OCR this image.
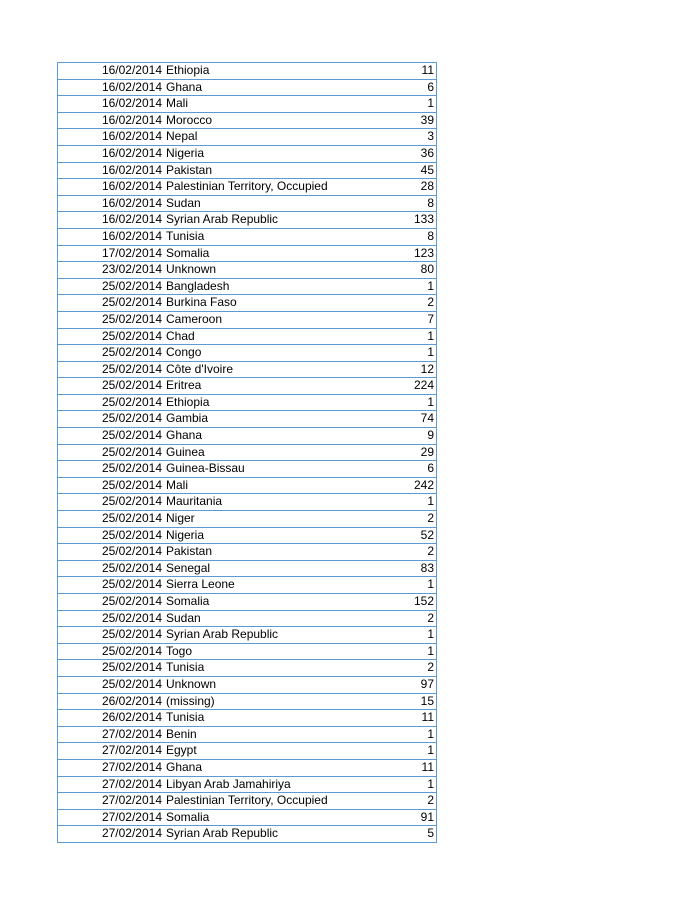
	16/02/2014	Ethiopia	11
	16/02/2014	Ghana	6
	16/02/2014	Mali	1
	16/02/2014	Morocco	39
	16/02/2014	Nepal	3
	16/02/2014	Nigeria	36
	16/02/2014	Pakistan	45
	16/02/2014	Palestinian Territory, Occupied	28
	16/02/2014	Sudan	8
	16/02/2014	Syrian Arab Republic	133
	16/02/2014	Tunisia	8
	17/02/2014	Somalia	123
	23/02/2014	Unknown	80
	25/02/2014	Bangladesh	1
	25/02/2014	Burkina Faso	2
	25/02/2014	Cameroon	7
	25/02/2014	Chad	1
	25/02/2014	Congo	1
	25/02/2014	Côte d'Ivoire	12
	25/02/2014	Eritrea	224
	25/02/2014	Ethiopia	1
	25/02/2014	Gambia	74
	25/02/2014	Ghana	9
	25/02/2014	Guinea	29
	25/02/2014	Guinea-Bissau	6
	25/02/2014	Mali	242
	25/02/2014	Mauritania	1
	25/02/2014	Niger	2
	25/02/2014	Nigeria	52
	25/02/2014	Pakistan	2
	25/02/2014	Senegal	83
	25/02/2014	Sierra Leone	1
	25/02/2014	Somalia	152
	25/02/2014	Sudan	2
	25/02/2014	Syrian Arab Republic	1
	25/02/2014	Togo	1
	25/02/2014	Tunisia	2
	25/02/2014	Unknown	97
	26/02/2014	(missing)	15
	26/02/2014	Tunisia	11
	27/02/2014	Benin	1
	27/02/2014	Egypt	1
	27/02/2014	Ghana	11
	27/02/2014	Libyan Arab Jamahiriya	1
	27/02/2014	Palestinian Territory, Occupied	2
	27/02/2014	Somalia	91
	27/02/2014	Syrian Arab Republic	5
